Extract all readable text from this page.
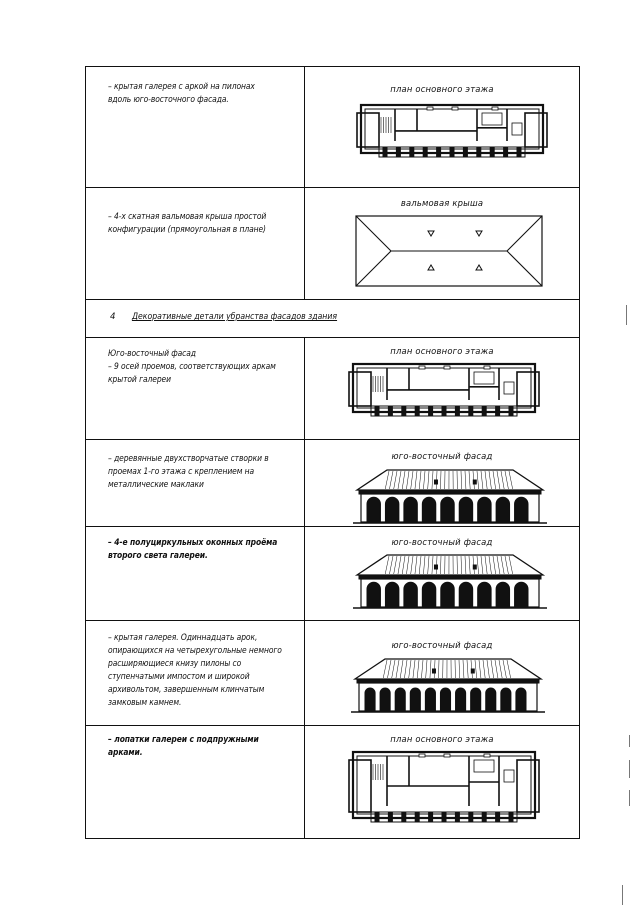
– крытая галерея с аркой на пилонах

вдоль юго-восточного фасада.

план основного этажа

– 4-х скатная вальмовая крыша простой

конфигурации (прямоугольная в плане)

вальмовая крыша
4 Декоративные детали убранства фасадов здания

Юго-восточный фасад

– 9 осей проемов, соответствующих аркам

крытой галереи

план основного этажа

– деревянные двухстворчатые створки в

проемах 1-го этажа с креплением на

металлические маклаки

юго-восточный фасад

– 4-е полуциркульных оконных проёма

второго света галереи.

юго-восточный фасад

– крытая галерея. Одиннадцать арок,

опирающихся на четырехугольные немного

расширяющиеся книзу пилоны со

ступенчатыми импостом и широкой

архивольтом, завершенным клинчатым

замковым камнем.

юго-восточный фасад

– лопатки галереи с подпружными

арками.

план основного этажа
